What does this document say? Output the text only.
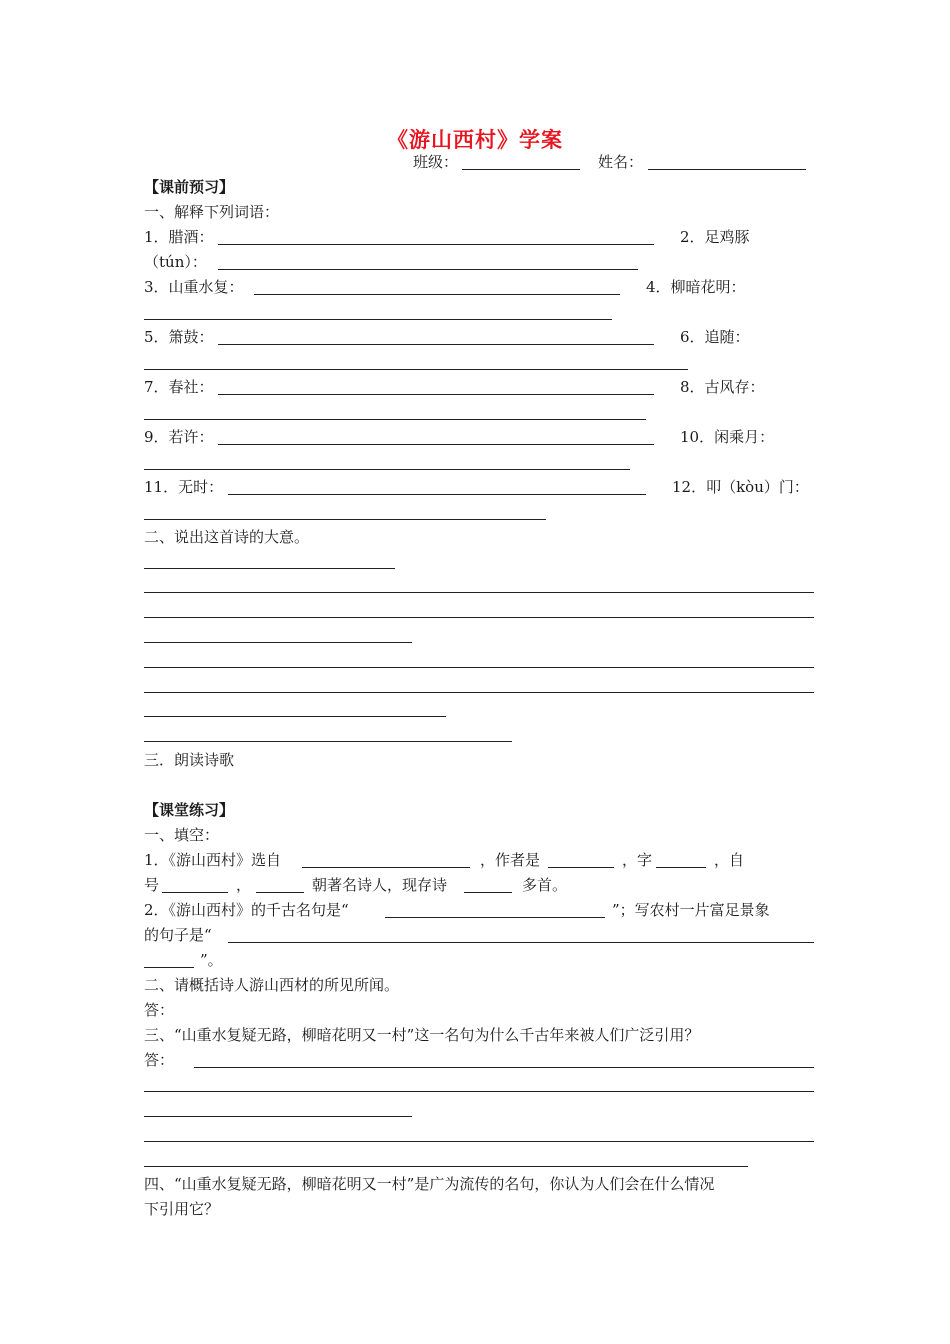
《游山西村》学案
班级：	姓名：
【课前预习】
一、解释下列词语：
1．腊酒：	2．足鸡豚
（tún）：
3．山重水复：	4．柳暗花明：
5．箫鼓：	6．追随：
7．春社：	8．古风存：
9．若许：	10．闲乘月：
11．无时：	12．叩（kòu）门：
二、说出这首诗的大意。
三．朗读诗歌
【课堂练习】
一、填空：
1．《游山西村》选自	，作者是	，字	，自
号	，	朝著名诗人，现存诗	多首。
2．《游山西村》的千古名句是“	”；写农村一片富足景象
的句子是“
”。
二、请概括诗人游山西材的所见所闻。
答：
三、“山重水复疑无路，柳暗花明又一村”这一名句为什么千古年来被人们广泛引用？
答：
四、“山重水复疑无路，柳暗花明又一村”是广为流传的名句，你认为人们会在什么情况
下引用它？
